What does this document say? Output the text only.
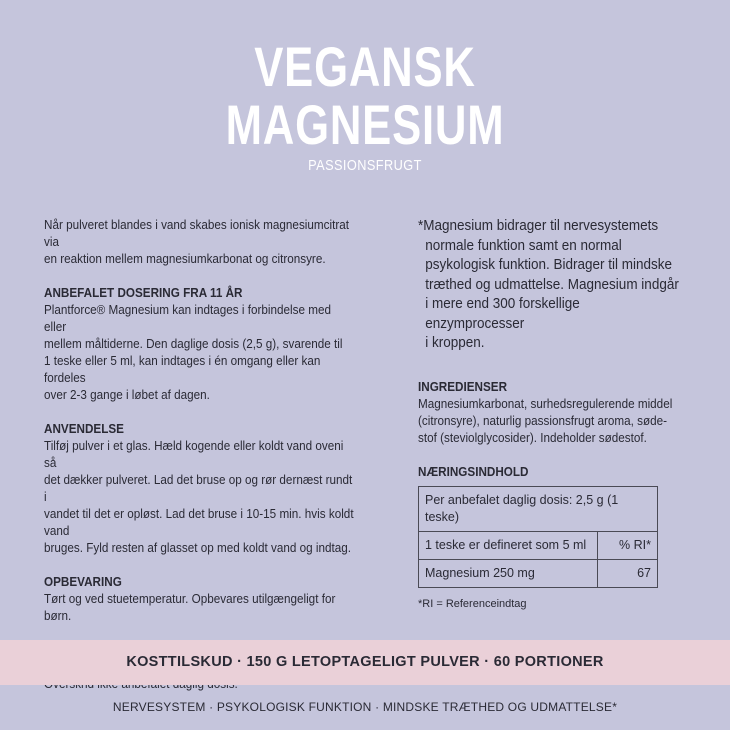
VEGANSK
MAGNESIUM
PASSIONSFRUGT
Når pulveret blandes i vand skabes ionisk magnesiumcitrat via en reaktion mellem magnesiumkarbonat og citronsyre.
ANBEFALET DOSERING FRA 11 ÅR Plantforce® Magnesium kan indtages i forbindelse med eller mellem måltiderne. Den daglige dosis (2,5 g), svarende til 1 teske eller 5 ml, kan indtages i én omgang eller kan fordeles over 2-3 gange i løbet af dagen.
ANVENDELSE Tilføj pulver i et glas. Hæld kogende eller koldt vand oveni så det dækker pulveret. Lad det bruse op og rør dernæst rundt i vandet til det er opløst. Lad det bruse i 10-15 min. hvis koldt vand bruges. Fyld resten af glasset op med koldt vand og indtag.
OPBEVARING Tørt og ved stuetemperatur. Opbevares utilgængeligt for børn.

*Magnesium bidrager til nervesystemets
normale funktion samt en normal
psykologisk funktion. Bidrager til mindske
træthed og udmattelse. Magnesium indgår
i mere end 300 forskellige enzymprocesser
i kroppen.
INGREDIENSER Magnesiumkarbonat, surhedsregulerende middel (citronsyre), naturlig passionsfrugt aroma, søde- stof (steviolglycosider). Indeholder sødestof.
NÆRINGSINDHOLD
Per anbefalet daglig dosis: 2,5 g (1 teske)	
1 teske er defineret som 5 ml	% RI*
Magnesium 250 mg	67
*RI = Referenceindtag
KOSTTILSKUD · 150 G LETOPTAGELIGT PULVER · 60 PORTIONER
NERVESYSTEM · PSYKOLOGISK FUNKTION · MINDSKE TRÆTHED OG UDMATTELSE*
